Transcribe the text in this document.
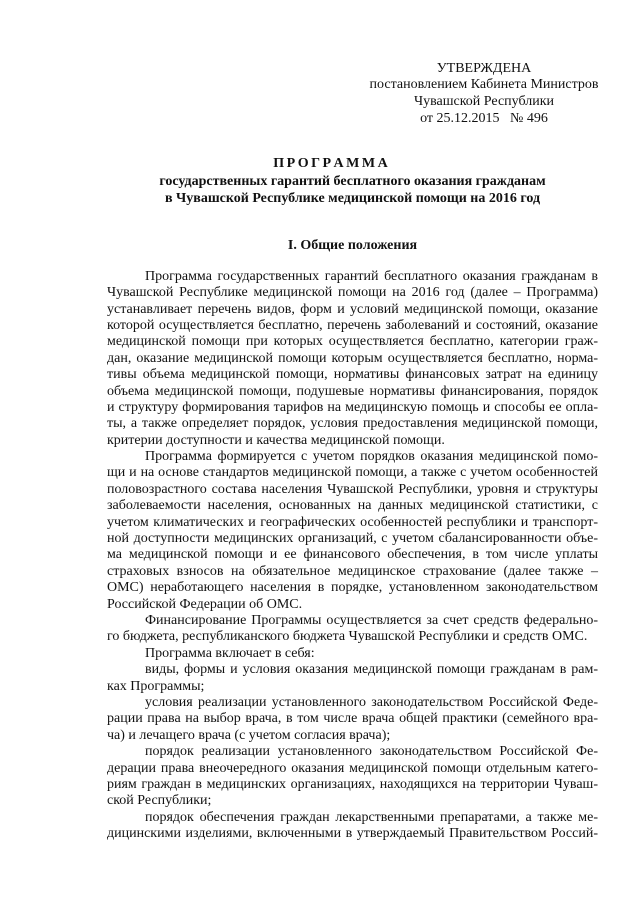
УТВЕРЖДЕНА
постановлением Кабинета Министров
Чувашской Республики
от 25.12.2015   № 496
П Р О Г Р А М М А
государственных гарантий бесплатного оказания гражданам
в Чувашской Республике медицинской помощи на 2016 год
I. Общие положения
Программа государственных гарантий бесплатного оказания гражданам в
Чувашской Республике медицинской помощи на 2016 год (далее – Программа)
устанавливает перечень видов, форм и условий медицинской помощи, оказание
которой осуществляется бесплатно, перечень заболеваний и состояний, оказание
медицинской помощи при которых осуществляется бесплатно, категории граж-
дан, оказание медицинской помощи которым осуществляется бесплатно, норма-
тивы объема медицинской помощи, нормативы финансовых затрат на единицу
объема медицинской помощи, подушевые нормативы финансирования, порядок
и структуру формирования тарифов на медицинскую помощь и способы ее опла-
ты, а также определяет порядок, условия предоставления медицинской помощи,
критерии доступности и качества медицинской помощи.
Программа формируется с учетом порядков оказания медицинской помо-
щи и на основе стандартов медицинской помощи, а также с учетом особенностей
половозрастного состава населения Чувашской Республики, уровня и структуры
заболеваемости населения, основанных на данных медицинской статистики, с
учетом климатических и географических особенностей республики и транспорт-
ной доступности медицинских организаций, с учетом сбалансированности объе-
ма медицинской помощи и ее финансового обеспечения, в том числе уплаты
страховых взносов на обязательное медицинское страхование (далее также –
ОМС) неработающего населения в порядке, установленном законодательством
Российской Федерации об ОМС.
Финансирование Программы осуществляется за счет средств федерально-
го бюджета, республиканского бюджета Чувашской Республики и средств ОМС.
Программа включает в себя:
виды, формы и условия оказания медицинской помощи гражданам в рам-
ках Программы;
условия реализации установленного законодательством Российской Феде-
рации права на выбор врача, в том числе врача общей практики (семейного вра-
ча) и лечащего врача (с учетом согласия врача);
порядок реализации установленного законодательством Российской Фе-
дерации права внеочередного оказания медицинской помощи отдельным катего-
риям граждан в медицинских организациях, находящихся на территории Чуваш-
ской Республики;
порядок обеспечения граждан лекарственными препаратами, а также ме-
дицинскими изделиями, включенными в утверждаемый Правительством Россий-
